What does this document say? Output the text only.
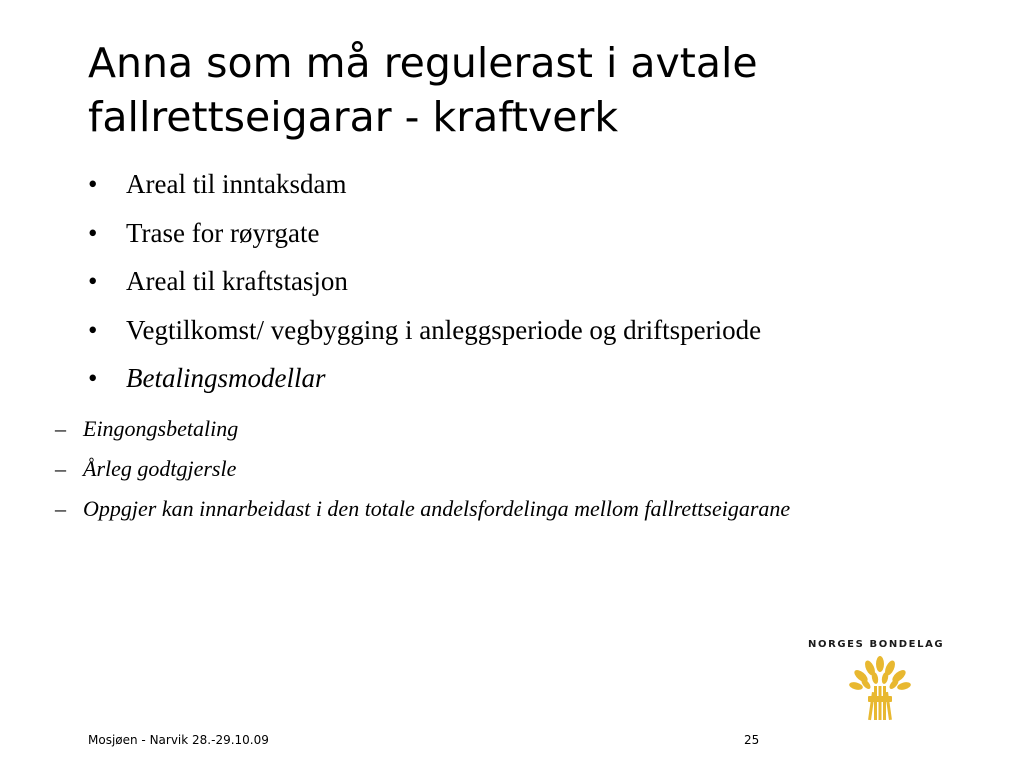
Anna som må regulerast i avtale
fallrettseigarar - kraftverk
• Areal til inntaksdam
• Trase for røyrgate
• Areal til kraftstasjon
• Vegtilkomst/ vegbygging i anleggsperiode og driftsperiode
• Betalingsmodellar
– Eingongsbetaling
– Årleg godtgjersle
– Oppgjer kan innarbeidast i den totale andelsfordelinga mellom fallrettseigarane
NORGES BONDELAG
Mosjøen - Narvik 28.-29.10.09	25
